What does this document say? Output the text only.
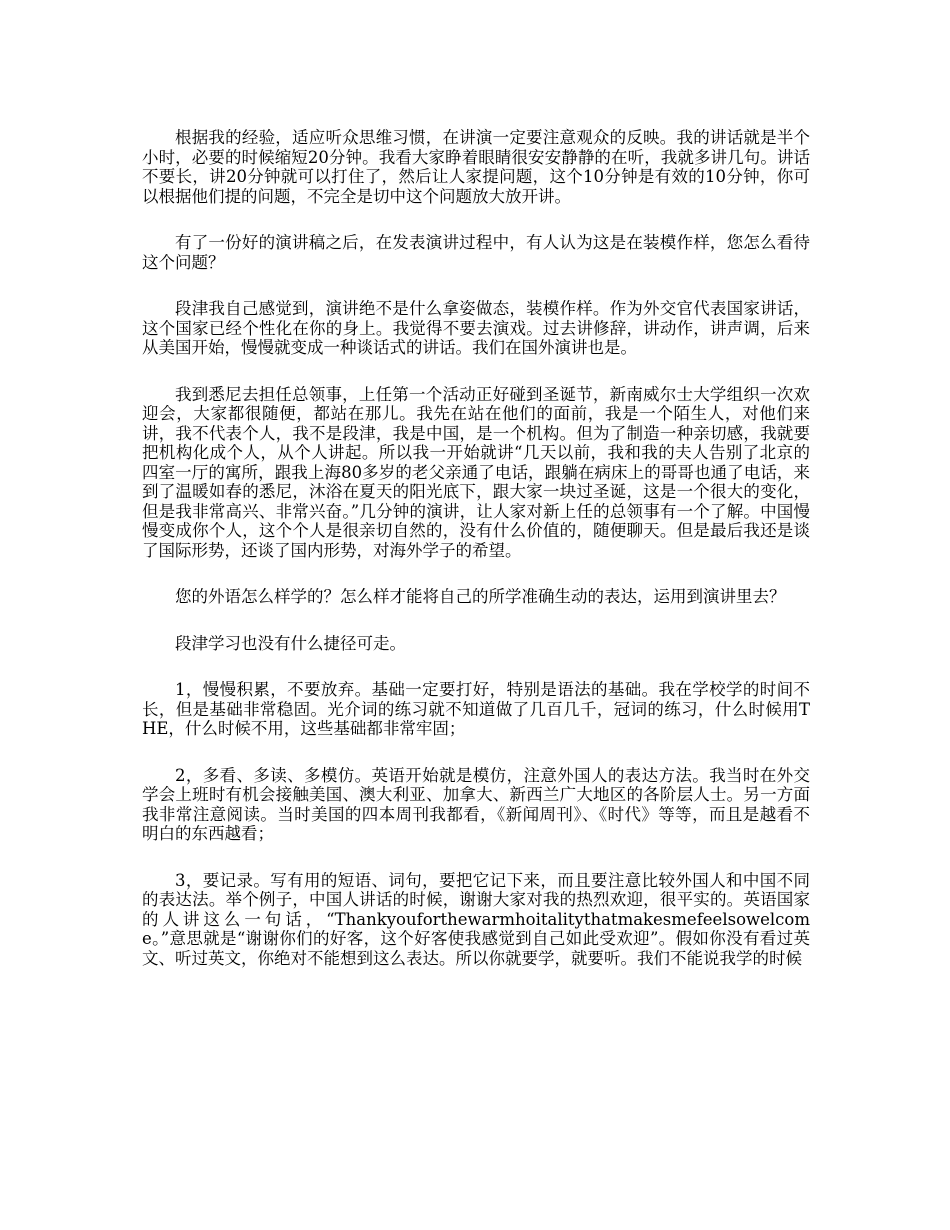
根据我的经验，适应听众思维习惯，在讲演一定要注意观众的反映。我的讲话就是半个小时，必要的时候缩短20分钟。我看大家睁着眼睛很安安静静的在听，我就多讲几句。讲话不要长，讲20分钟就可以打住了，然后让人家提问题，这个10分钟是有效的10分钟，你可以根据他们提的问题，不完全是切中这个问题放大放开讲。

有了一份好的演讲稿之后，在发表演讲过程中，有人认为这是在装模作样，您怎么看待这个问题？

段津我自己感觉到，演讲绝不是什么拿姿做态，装模作样。作为外交官代表国家讲话，这个国家已经个性化在你的身上。我觉得不要去演戏。过去讲修辞，讲动作，讲声调，后来从美国开始，慢慢就变成一种谈话式的讲话。我们在国外演讲也是。

我到悉尼去担任总领事，上任第一个活动正好碰到圣诞节，新南威尔士大学组织一次欢迎会，大家都很随便，都站在那儿。我先在站在他们的面前，我是一个陌生人，对他们来讲，我不代表个人，我不是段津，我是中国，是一个机构。但为了制造一种亲切感，我就要把机构化成个人，从个人讲起。所以我一开始就讲“几天以前，我和我的夫人告别了北京的四室一厅的寓所，跟我上海80多岁的老父亲通了电话，跟躺在病床上的哥哥也通了电话，来到了温暖如春的悉尼，沐浴在夏天的阳光底下，跟大家一块过圣诞，这是一个很大的变化，但是我非常高兴、非常兴奋。”几分钟的演讲，让人家对新上任的总领事有一个了解。中国慢慢变成你个人，这个个人是很亲切自然的，没有什么价值的，随便聊天。但是最后我还是谈了国际形势，还谈了国内形势，对海外学子的希望。

您的外语怎么样学的？怎么样才能将自己的所学准确生动的表达，运用到演讲里去？

段津学习也没有什么捷径可走。

1，慢慢积累，不要放弃。基础一定要打好，特别是语法的基础。我在学校学的时间不长，但是基础非常稳固。光介词的练习就不知道做了几百几千，冠词的练习，什么时候用THE，什么时候不用，这些基础都非常牢固；

2，多看、多读、多模仿。英语开始就是模仿，注意外国人的表达方法。我当时在外交学会上班时有机会接触美国、澳大利亚、加拿大、新西兰广大地区的各阶层人士。另一方面我非常注意阅读。当时美国的四本周刊我都看，《新闻周刊》、《时代》等等，而且是越看不明白的东西越看；

3，要记录。写有用的短语、词句，要把它记下来，而且要注意比较外国人和中国不同的表达法。举个例子，中国人讲话的时候，谢谢大家对我的热烈欢迎，很平实的。英语国家的人讲这么一句话，“Thankyouforthewarmhoitalitythatmakesmefeelsowelcome。”意思就是“谢谢你们的好客，这个好客使我感觉到自己如此受欢迎”。假如你没有看过英文、听过英文，你绝对不能想到这么表达。所以你就要学，就要听。我们不能说我学的时候
